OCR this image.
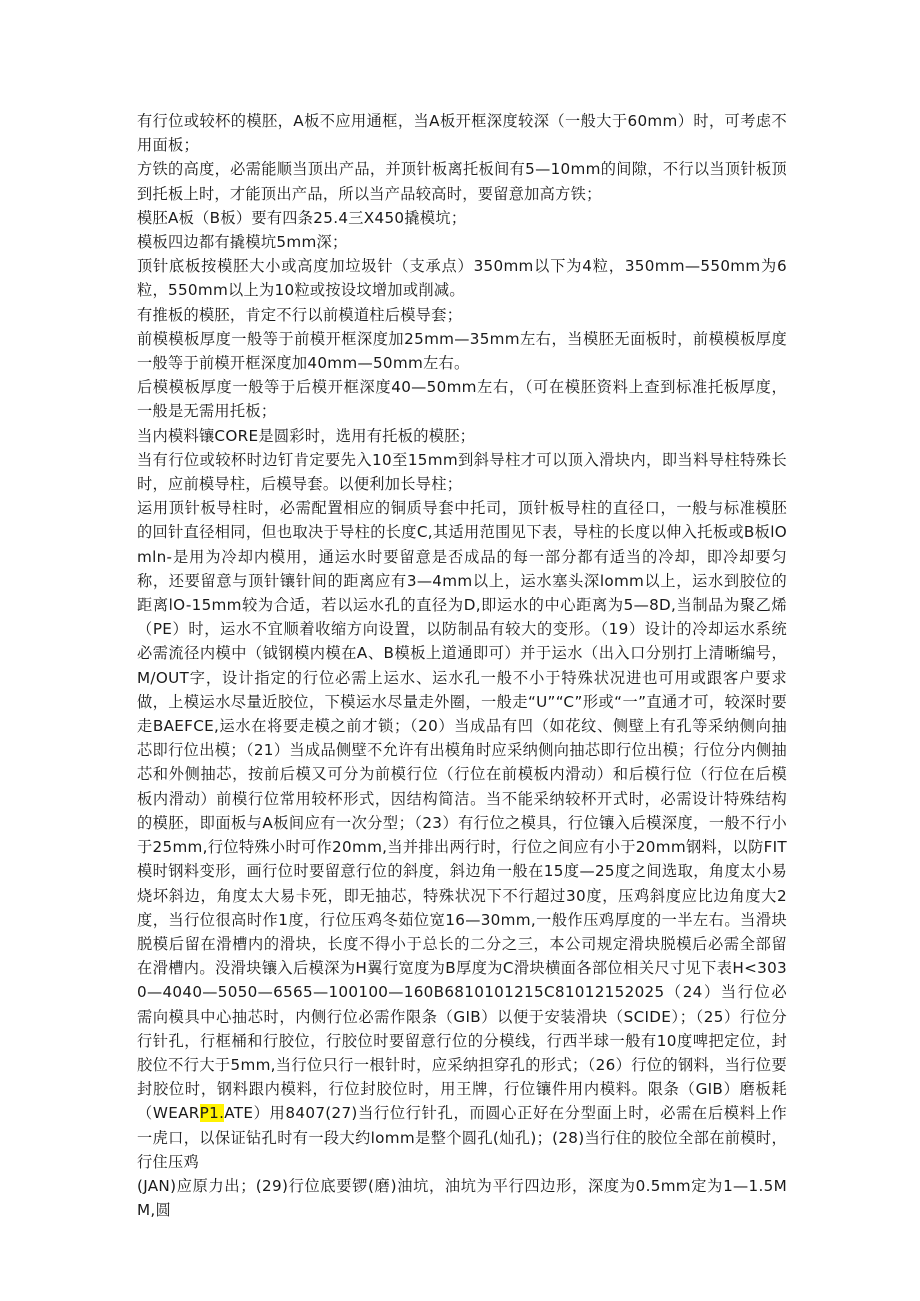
有行位或较杯的模胚，A板不应用通框，当A板开框深度较深（一般大于60mm）时，可考虑不用面板；

方铁的高度，必需能顺当顶出产品，并顶针板离托板间有5—10mm的间隙，不行以当顶针板顶到托板上时，才能顶出产品，所以当产品较高时，要留意加高方铁；

模胚A板（B板）要有四条25.4三X450撬模坑；

模板四边都有撬模坑5mm深；

顶针底板按模胚大小或高度加垃圾针（支承点）350mm以下为4粒，350mm—550mm为6粒，550mm以上为10粒或按设坟增加或削减。

有推板的模胚，肯定不行以前模道柱后模导套；

前模模板厚度一般等于前模开框深度加25mm—35mm左右，当模胚无面板时，前模模板厚度一般等于前模开框深度加40mm—50mm左右。

后模模板厚度一般等于后模开框深度40—50mm左右，（可在模胚资料上查到标准托板厚度，一般是无需用托板；

当内模料镶CORE是圆彩时，选用有托板的模胚；

当有行位或较杯时边钉肯定要先入10至15mm到斜导柱才可以顶入滑块内，即当料导柱特殊长时，应前模导柱，后模导套。以便利加长导柱；

运用顶针板导柱时，必需配置相应的铜质导套中托司，顶针板导柱的直径口，一般与标准模胚的回针直径相同，但也取决于导柱的长度C,其适用范围见下表，导柱的长度以伸入托板或B板lOmln-是用为冷却内模用，通运水时要留意是否成品的每一部分都有适当的冷却，即冷却要匀称，还要留意与顶针镶针间的距离应有3—4mm以上，运水塞头深lomm以上，运水到胶位的距离lO-15mm较为合适，若以运水孔的直径为D,即运水的中心距离为5—8D,当制品为聚乙烯（PE）时，运水不宜顺着收缩方向设置，以防制品有较大的变形。（19）设计的冷却运水系统必需流径内模中（钺钢模内模在A、B模板上道通即可）并于运水（出入口分别打上清晰编号，M/OUT字，设计指定的行位必需上运水、运水孔一般不小于特殊状况进也可用或跟客户要求做，上模运水尽量近胶位，下模运水尽量走外圈，一般走“U”“C”形或“一”直通才可，较深时要走BAEFCE,运水在将要走模之前才锁；（20）当成品有凹（如花纹、侧壁上有孔等采纳侧向抽芯即行位出模；（21）当成品侧壁不允许有出模角时应采纳侧向抽芯即行位出模；行位分内侧抽芯和外侧抽芯，按前后模又可分为前模行位（行位在前模板内滑动）和后模行位（行位在后模板内滑动）前模行位常用较杯形式，因结构简洁。当不能采纳较杯开式时，必需设计特殊结构的模胚，即面板与A板间应有一次分型；（23）有行位之模具，行位镶入后模深度，一般不行小于25mm,行位特殊小时可作20mm,当并排出两行时，行位之间应有小于20mm钢料，以防FIT模时钢料变形，画行位时要留意行位的斜度，斜边角一般在15度—25度之间选取，角度太小易烧坏斜边，角度太大易卡死，即无抽芯，特殊状况下不行超过30度，压鸡斜度应比边角度大2度，当行位很高时作1度，行位压鸡冬茹位宽16—30mm,一般作压鸡厚度的一半左右。当滑块脱模后留在滑槽内的滑块，长度不得小于总长的二分之三，本公司规定滑块脱模后必需全部留在滑槽内。没滑块镶入后模深为H翼行宽度为B厚度为C滑块横面各部位相关尺寸见下表H<3030—4040—5050—6565—100100—160B6810101215C81012152025（24）当行位必需向模具中心抽芯时，内侧行位必需作限条（GIB）以便于安装滑块（SCIDE）；（25）行位分行针孔，行框桶和行胶位，行胶位时要留意行位的分模线，行西半球一般有10度啤把定位，封胶位不行大于5mm,当行位只行一根针时，应采纳担穿孔的形式；（26）行位的钢料，当行位要封胶位时，钢料跟内模料，行位封胶位时，用王牌，行位镶件用内模料。限条（GIB）磨板耗（WEARP1.ATE）用8407(27)当行位行针孔，而圆心正好在分型面上时，必需在后模料上作一虎口，以保证钻孔时有一段大约lomm是整个圆孔(灿孔)；(28)当行住的胶位全部在前模时，行住压鸡

(JAN)应原力出；(29)行位底要锣(磨)油坑，油坑为平行四边形，深度为0.5mm定为1—1.5MM,圆
